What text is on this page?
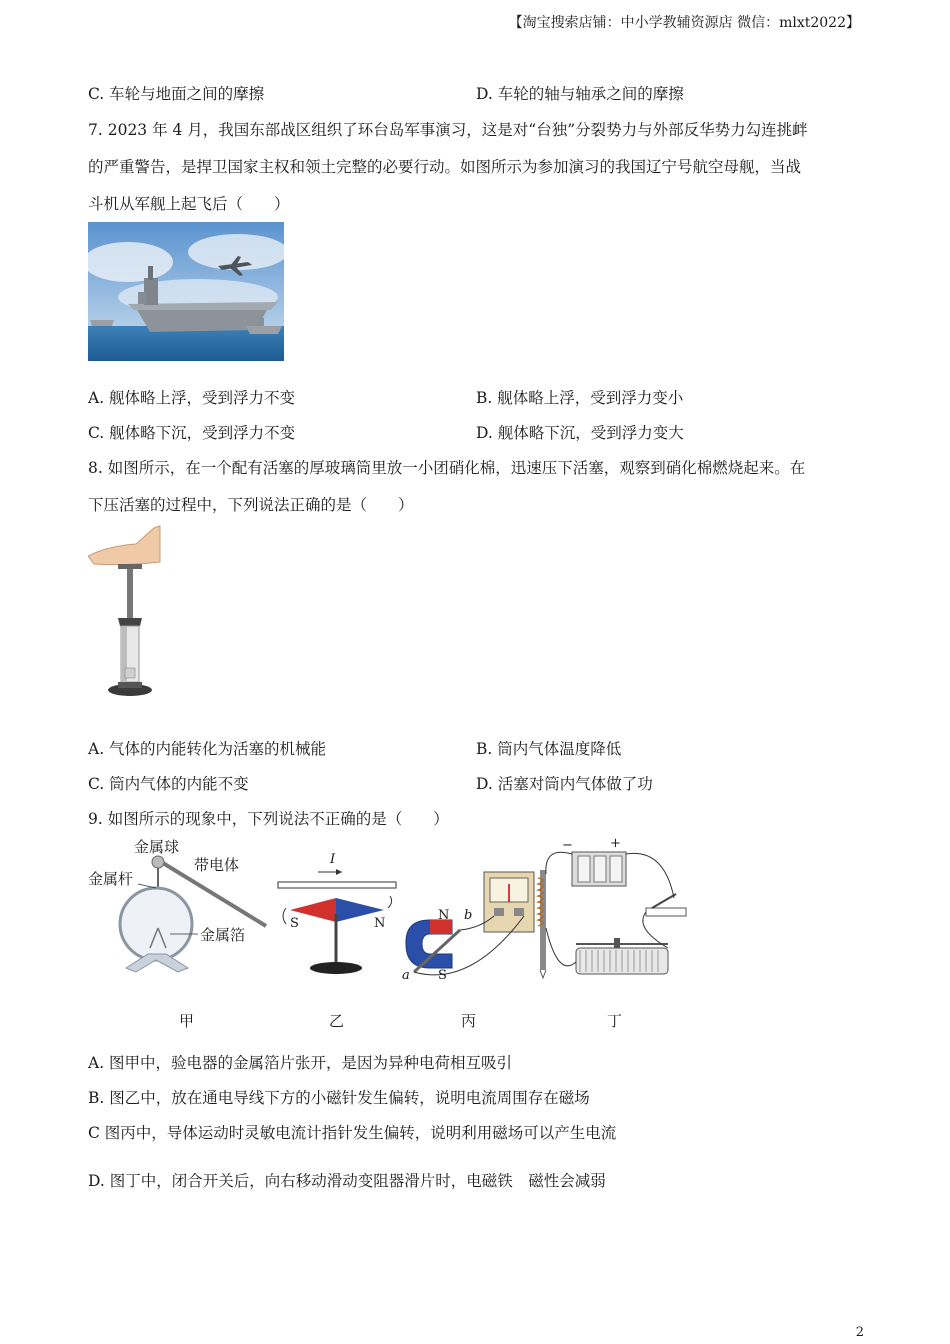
【淘宝搜索店铺：中小学教辅资源店 微信：mlxt2022】
C. 车轮与地面之间的摩擦	D. 车轮的轴与轴承之间的摩擦
7. 2023 年 4 月，我国东部战区组织了环台岛军事演习，这是对“台独”分裂势力与外部反华势力勾连挑衅
的严重警告，是捍卫国家主权和领土完整的必要行动。如图所示为参加演习的我国辽宁号航空母舰，当战
斗机从军舰上起飞后（　　）
A. 舰体略上浮，受到浮力不变	B. 舰体略上浮，受到浮力变小
C. 舰体略下沉，受到浮力不变	D. 舰体略下沉，受到浮力变大
8. 如图所示，在一个配有活塞的厚玻璃筒里放一小团硝化棉，迅速压下活塞，观察到硝化棉燃烧起来。在
下压活塞的过程中，下列说法正确的是（　　）
A. 气体的内能转化为活塞的机械能	B. 筒内气体温度降低
C. 筒内气体的内能不变	D. 活塞对筒内气体做了功
9. 如图所示的现象中，下列说法不正确的是（　　）
金属球
带电体
金属杆
金属箔
I
S	N
N
S
a
b
−	+
甲	乙	丙	丁
A. 图甲中，验电器的金属箔片张开，是因为异种电荷相互吸引
B. 图乙中，放在通电导线下方的小磁针发生偏转，说明电流周围存在磁场
C 图丙中，导体运动时灵敏电流计指针发生偏转，说明利用磁场可以产生电流
D. 图丁中，闭合开关后，向右移动滑动变阻器滑片时，电磁铁　磁性会减弱
2
